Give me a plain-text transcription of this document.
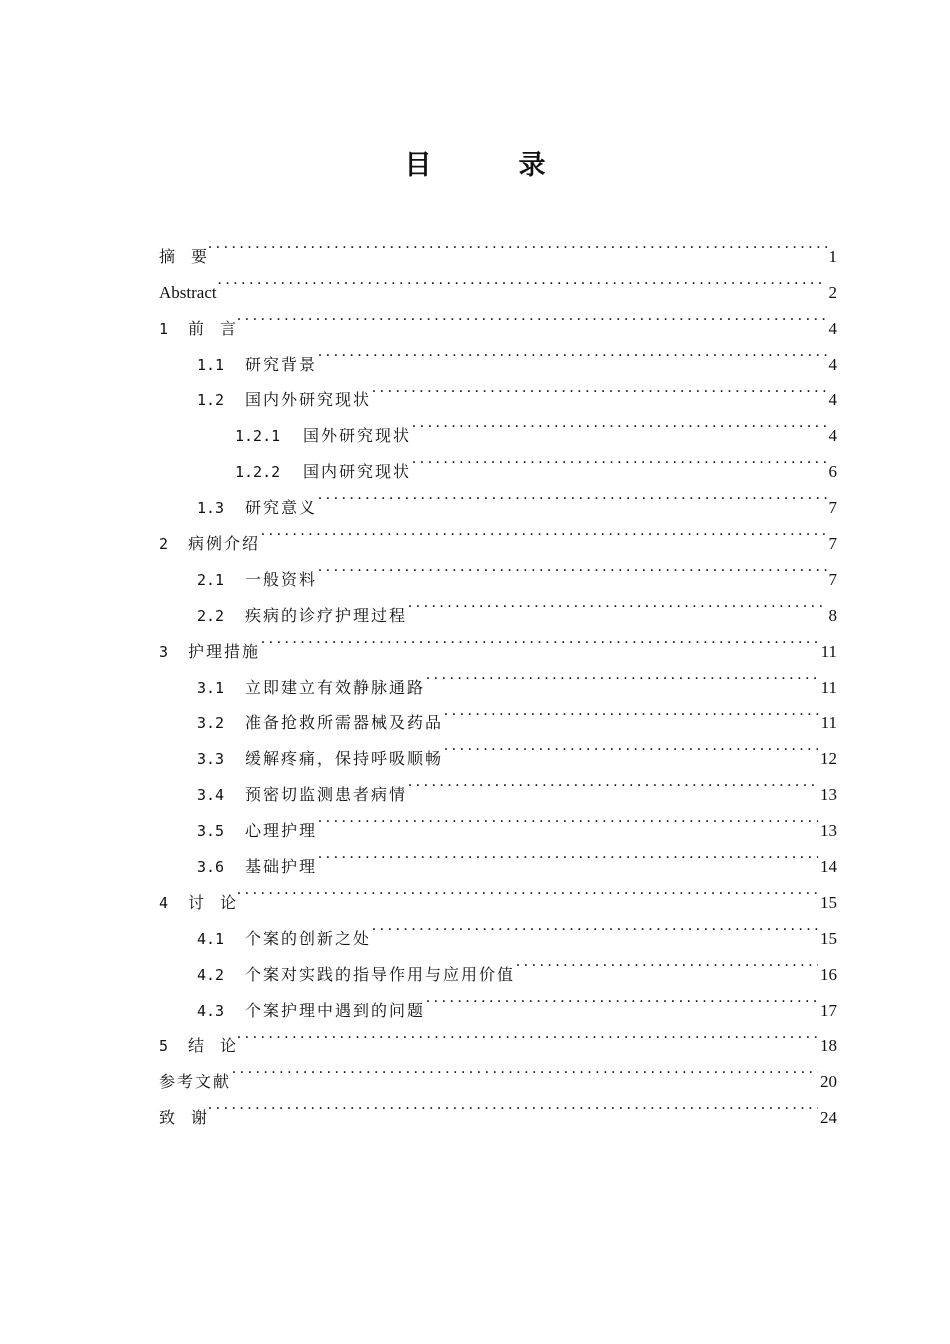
目　录
摘　要 . . .	1
Abstract . . .	2
1	前　言 . . .	4
1.1	研究背景 . . .	4
1.2	国内外研究现状 . . .	4
1.2.1	国外研究现状 . . .	4
1.2.2	国内研究现状 . . .	6
1.3	研究意义 . . .	7
2	病例介绍 . . .	7
2.1	一般资料 . . .	7
2.2	疾病的诊疗护理过程 . . .	8
3	护理措施 . . .	11
3.1	立即建立有效静脉通路 . . .	11
3.2	准备抢救所需器械及药品 . . .	11
3.3	缓解疼痛，保持呼吸顺畅 . . .	12
3.4	预密切监测患者病情 . . .	13
3.5	心理护理 . . .	13
3.6	基础护理 . . .	14
4	讨　论 . . .	15
4.1	个案的创新之处 . . .	15
4.2	个案对实践的指导作用与应用价值 . . .	16
4.3	个案护理中遇到的问题 . . .	17
5	结　论 . . .	18
参考文献 . . .	20
致　谢 . . .	24
